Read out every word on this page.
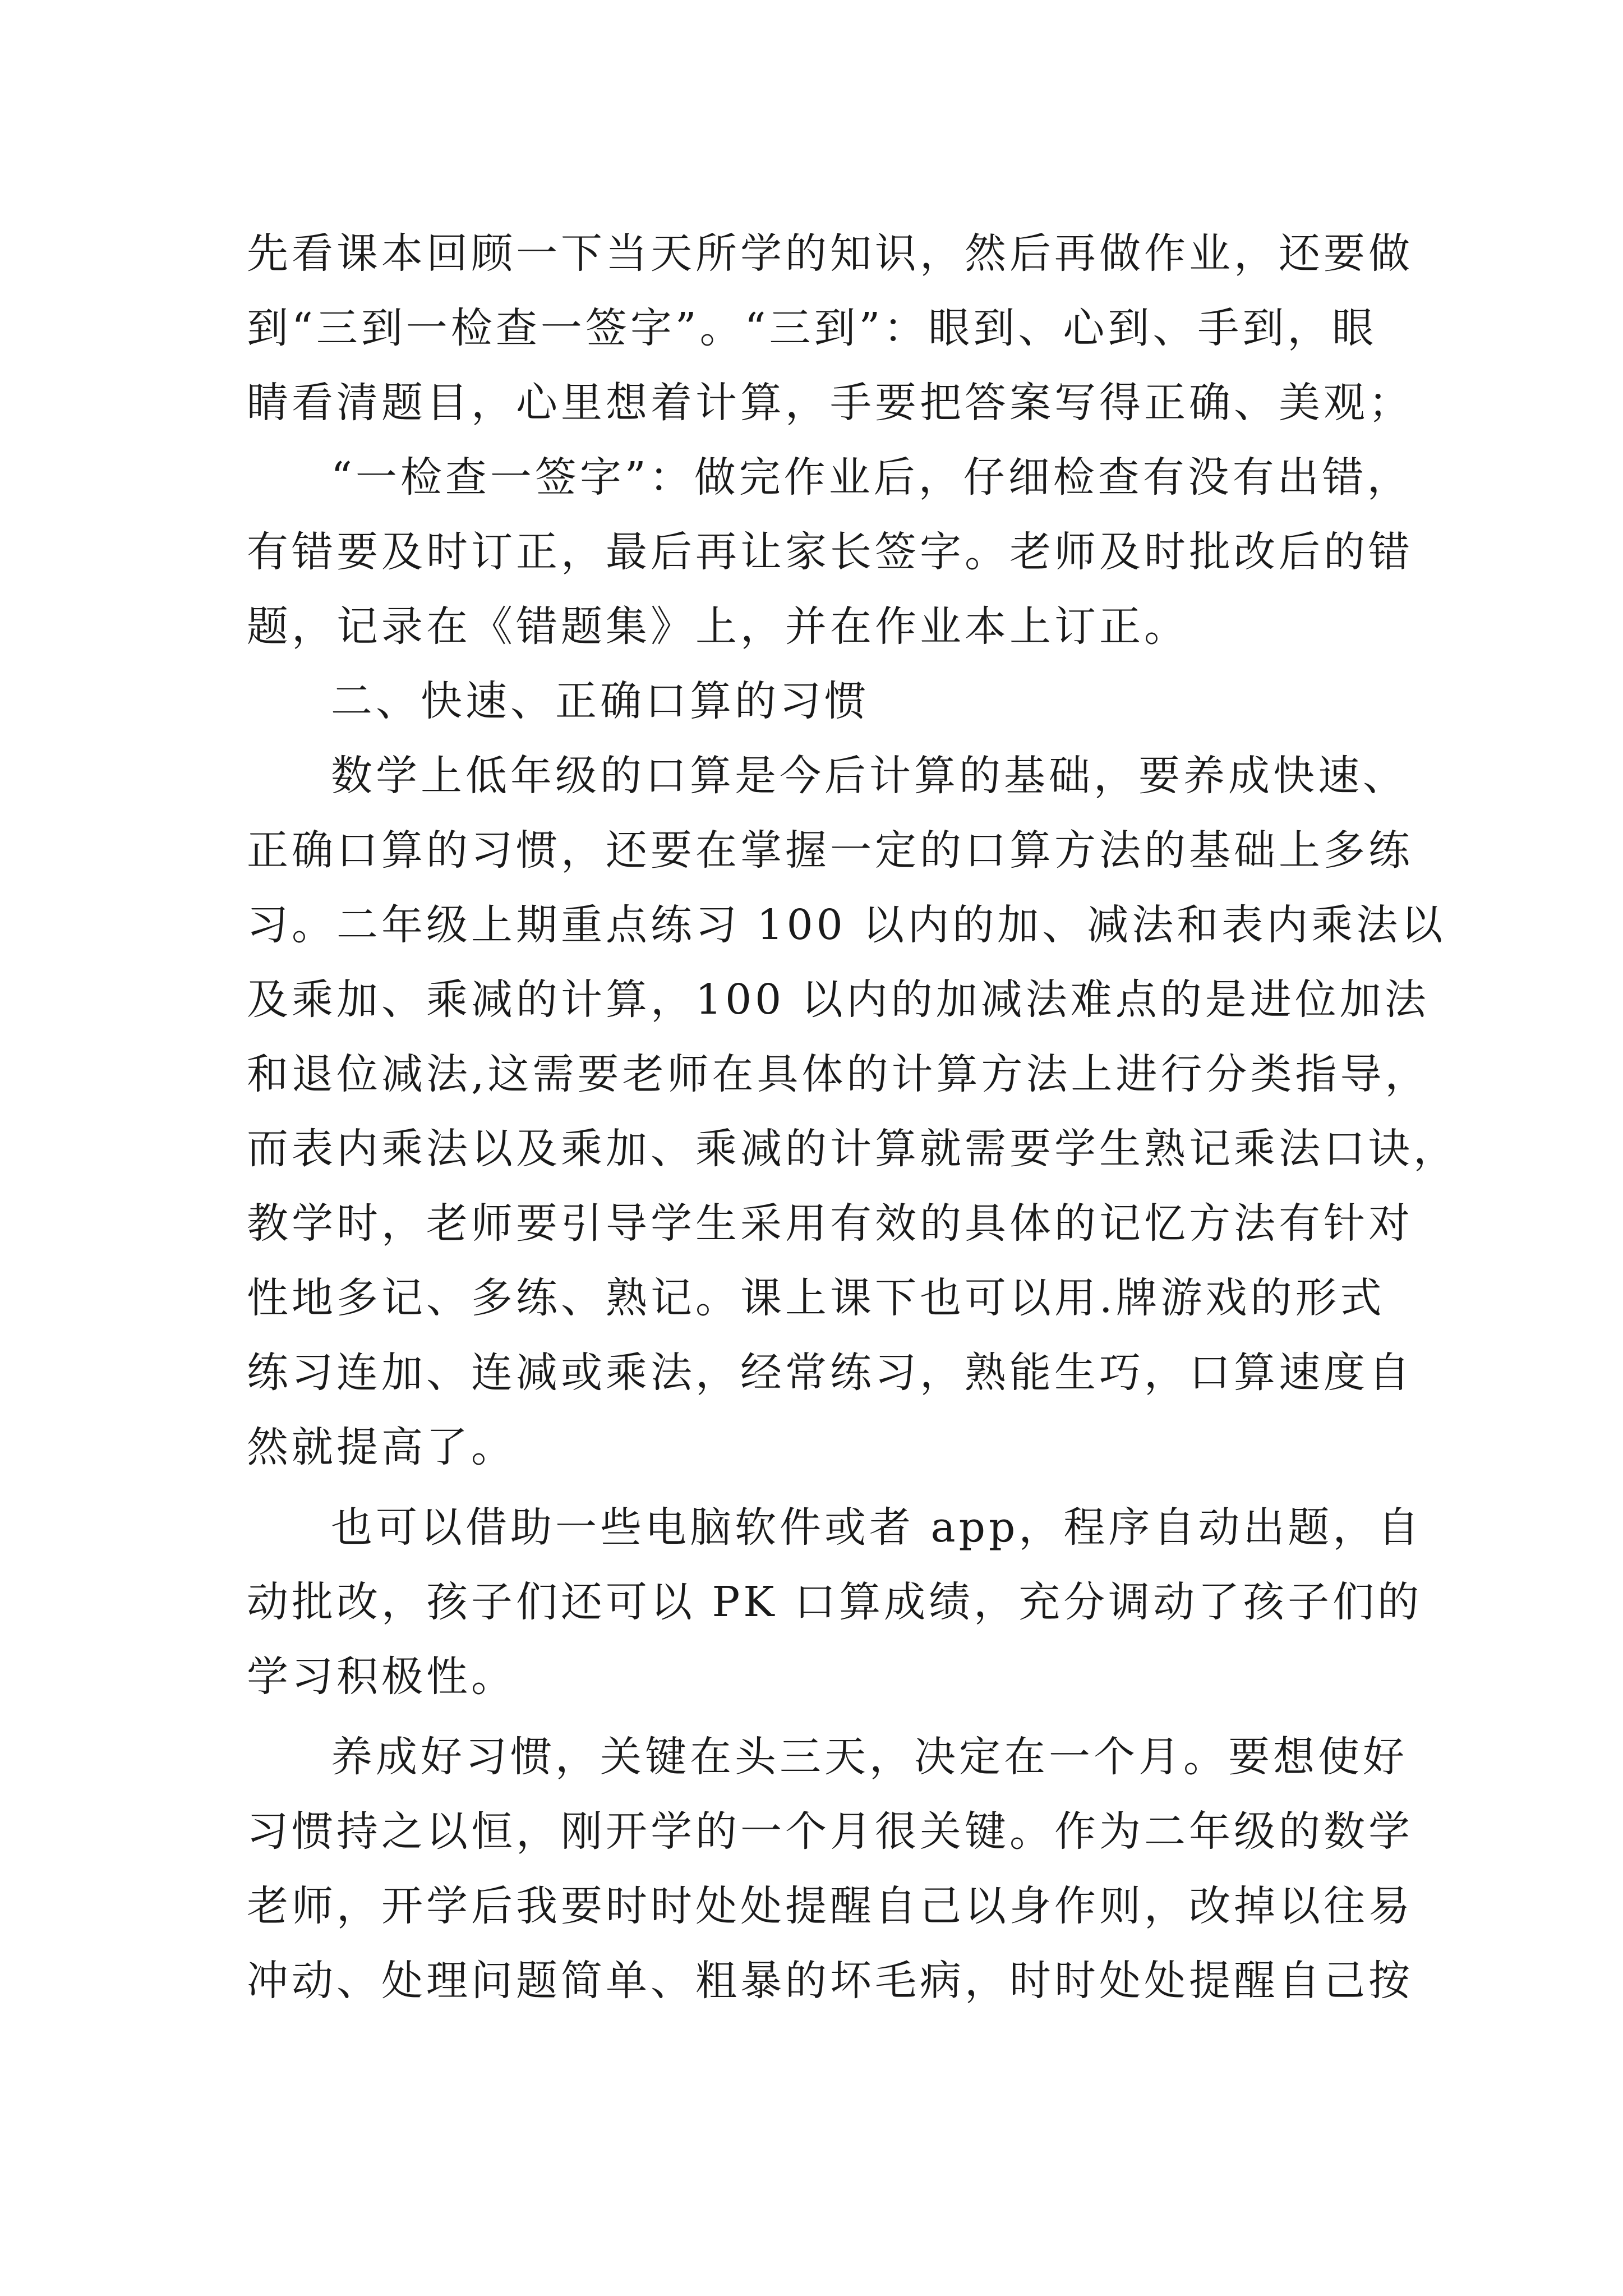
先看课本回顾一下当天所学的知识，然后再做作业，还要做
到“三到一检查一签字”。“三到”：眼到、心到、手到，眼
睛看清题目，心里想着计算，手要把答案写得正确、美观；
“一检查一签字”：做完作业后，仔细检查有没有出错，
有错要及时订正，最后再让家长签字。老师及时批改后的错
题，记录在《错题集》上，并在作业本上订正。
二、快速、正确口算的习惯
数学上低年级的口算是今后计算的基础，要养成快速、
正确口算的习惯，还要在掌握一定的口算方法的基础上多练
习。二年级上期重点练习 100 以内的加、减法和表内乘法以
及乘加、乘减的计算，100 以内的加减法难点的是进位加法
和退位减法,这需要老师在具体的计算方法上进行分类指导，
而表内乘法以及乘加、乘减的计算就需要学生熟记乘法口诀，
教学时，老师要引导学生采用有效的具体的记忆方法有针对
性地多记、多练、熟记。课上课下也可以用.牌游戏的形式
练习连加、连减或乘法，经常练习，熟能生巧，口算速度自
然就提高了。
也可以借助一些电脑软件或者 app，程序自动出题，自
动批改，孩子们还可以 PK 口算成绩，充分调动了孩子们的
学习积极性。
养成好习惯，关键在头三天，决定在一个月。要想使好
习惯持之以恒，刚开学的一个月很关键。作为二年级的数学
老师，开学后我要时时处处提醒自己以身作则，改掉以往易
冲动、处理问题简单、粗暴的坏毛病，时时处处提醒自己按
